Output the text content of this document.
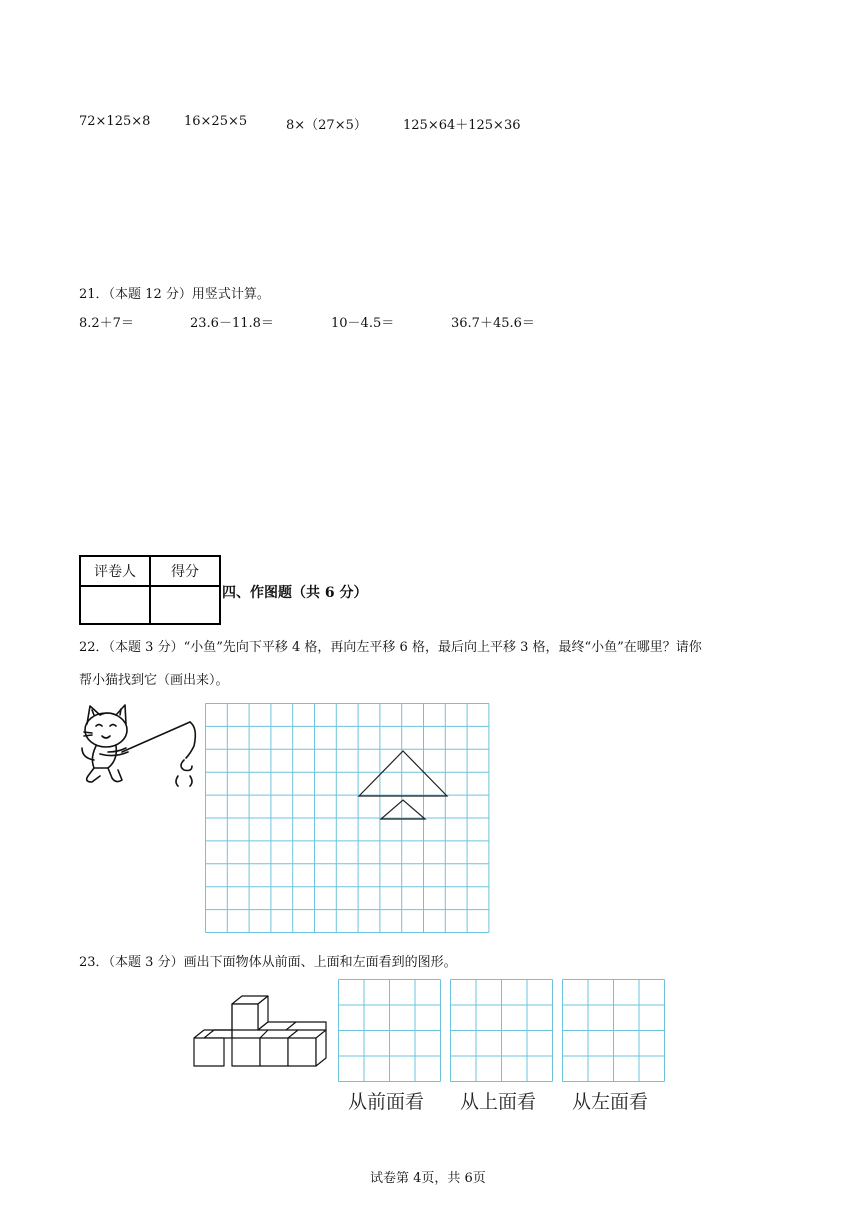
72×125×8	16×25×5	8×（27×5）	125×64＋125×36
21．（本题 12 分）用竖式计算。
8.2＋7＝	23.6－11.8＝	10－4.5＝	36.7＋45.6＝
评卷人	得分

四、作图题（共 6 分）
22．（本题 3 分）“小鱼”先向下平移 4 格，再向左平移 6 格，最后向上平移 3 格，最终“小鱼”在哪里？请你
帮小猫找到它（画出来）。
23．（本题 3 分）画出下面物体从前面、上面和左面看到的图形。
从前面看 从上面看 从左面看
试卷第 4页，共 6页
